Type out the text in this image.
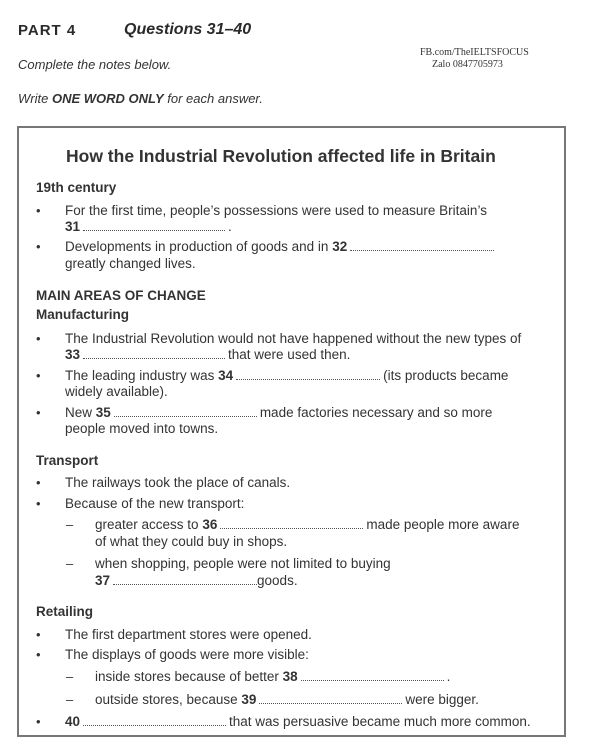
PART 4	Questions 31–40
FB.com/TheIELTSFOCUS
Zalo 0847705973
Complete the notes below.
Write ONE WORD ONLY for each answer.
How the Industrial Revolution affected life in Britain
19th century
• For the first time, people’s possessions were used to measure Britain’s
31	.
• Developments in production of goods and in 32
greatly changed lives.
MAIN AREAS OF CHANGE
Manufacturing
• The Industrial Revolution would not have happened without the new types of
33	that were used then.
• The leading industry was 34	(its products became
widely available).
• New 35	made factories necessary and so more
people moved into towns.
Transport
• The railways took the place of canals.
• Because of the new transport:
– greater access to 36	made people more aware
of what they could buy in shops.
– when shopping, people were not limited to buying
37	goods.
Retailing
• The first department stores were opened.
• The displays of goods were more visible:
– inside stores because of better 38	.
– outside stores, because 39	were bigger.
• 40	that was persuasive became much more common.
